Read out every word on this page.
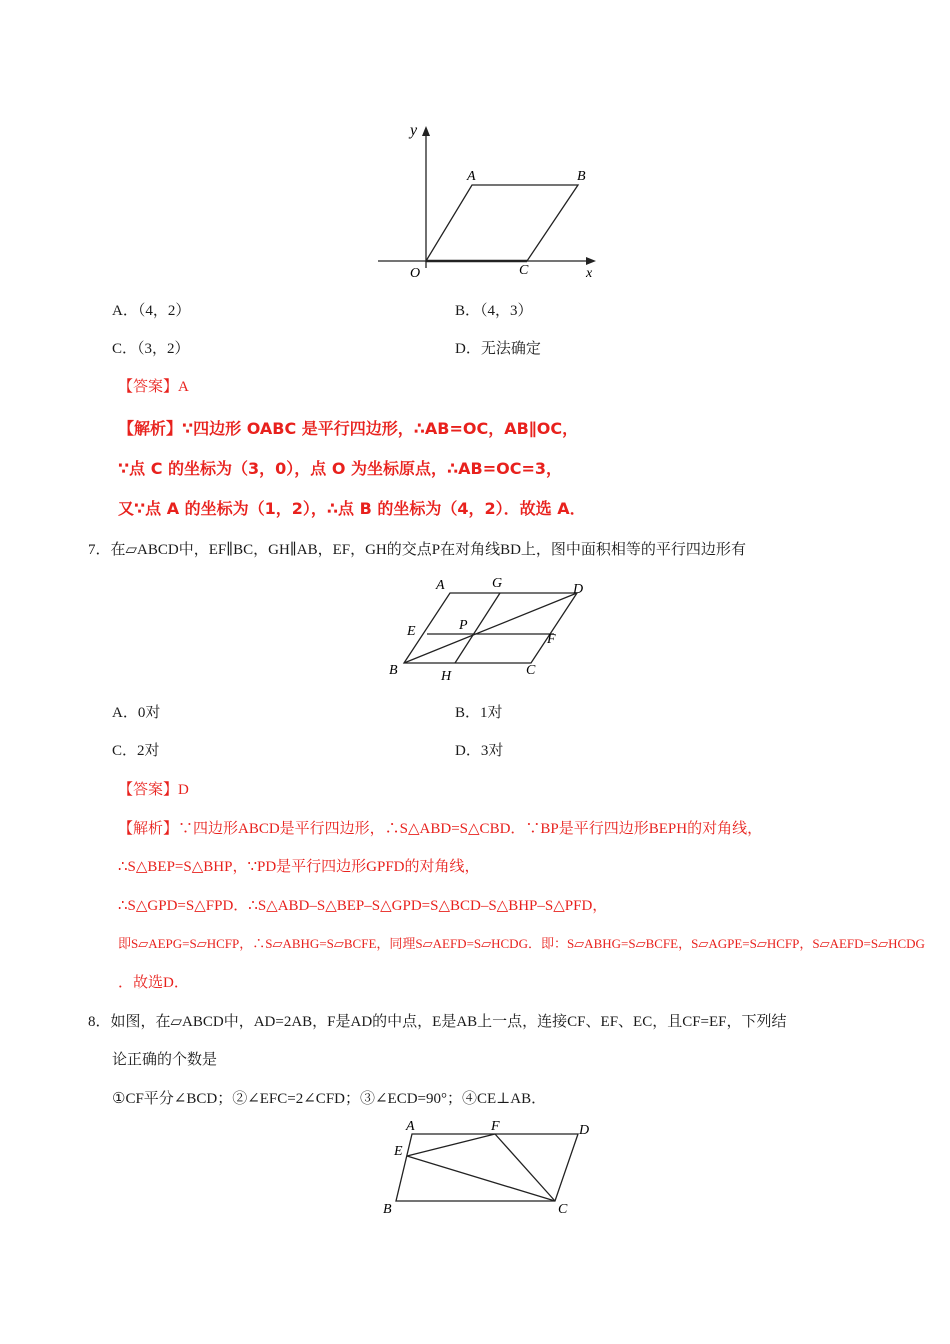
y
A	B
O	C	x
A．（4，2）	B．（4，3）
C．（3，2）	D．无法确定
【答案】A
【解析】∵四边形 OABC 是平行四边形，∴AB=OC，AB∥OC，
∵点 C 的坐标为（3，0），点 O 为坐标原点，∴AB=OC=3，
又∵点 A 的坐标为（1，2），∴点 B 的坐标为（4，2）．故选 A．
7．在▱ABCD中，EF∥BC，GH∥AB，EF，GH的交点P在对角线BD上，图中面积相等的平行四边形有
A	G	D
E	P
F
B	H	C
A．0对	B．1对
C．2对	D．3对
【答案】D
【解析】∵四边形ABCD是平行四边形，∴S△ABD=S△CBD．∵BP是平行四边形BEPH的对角线，
∴S△BEP=S△BHP，∵PD是平行四边形GPFD的对角线，
∴S△GPD=S△FPD．∴S△ABD–S△BEP–S△GPD=S△BCD–S△BHP–S△PFD，
即S▱AEPG=S▱HCFP，∴S▱ABHG=S▱BCFE，同理S▱AEFD=S▱HCDG．即：S▱ABHG=S▱BCFE，S▱AGPE=S▱HCFP，S▱AEFD=S▱HCDG
．故选D．
8．如图，在▱ABCD中，AD=2AB，F是AD的中点，E是AB上一点，连接CF、EF、EC，且CF=EF，下列结
论正确的个数是
①CF平分∠BCD；②∠EFC=2∠CFD；③∠ECD=90°；④CE⊥AB．
A	F	D
E
B	C
